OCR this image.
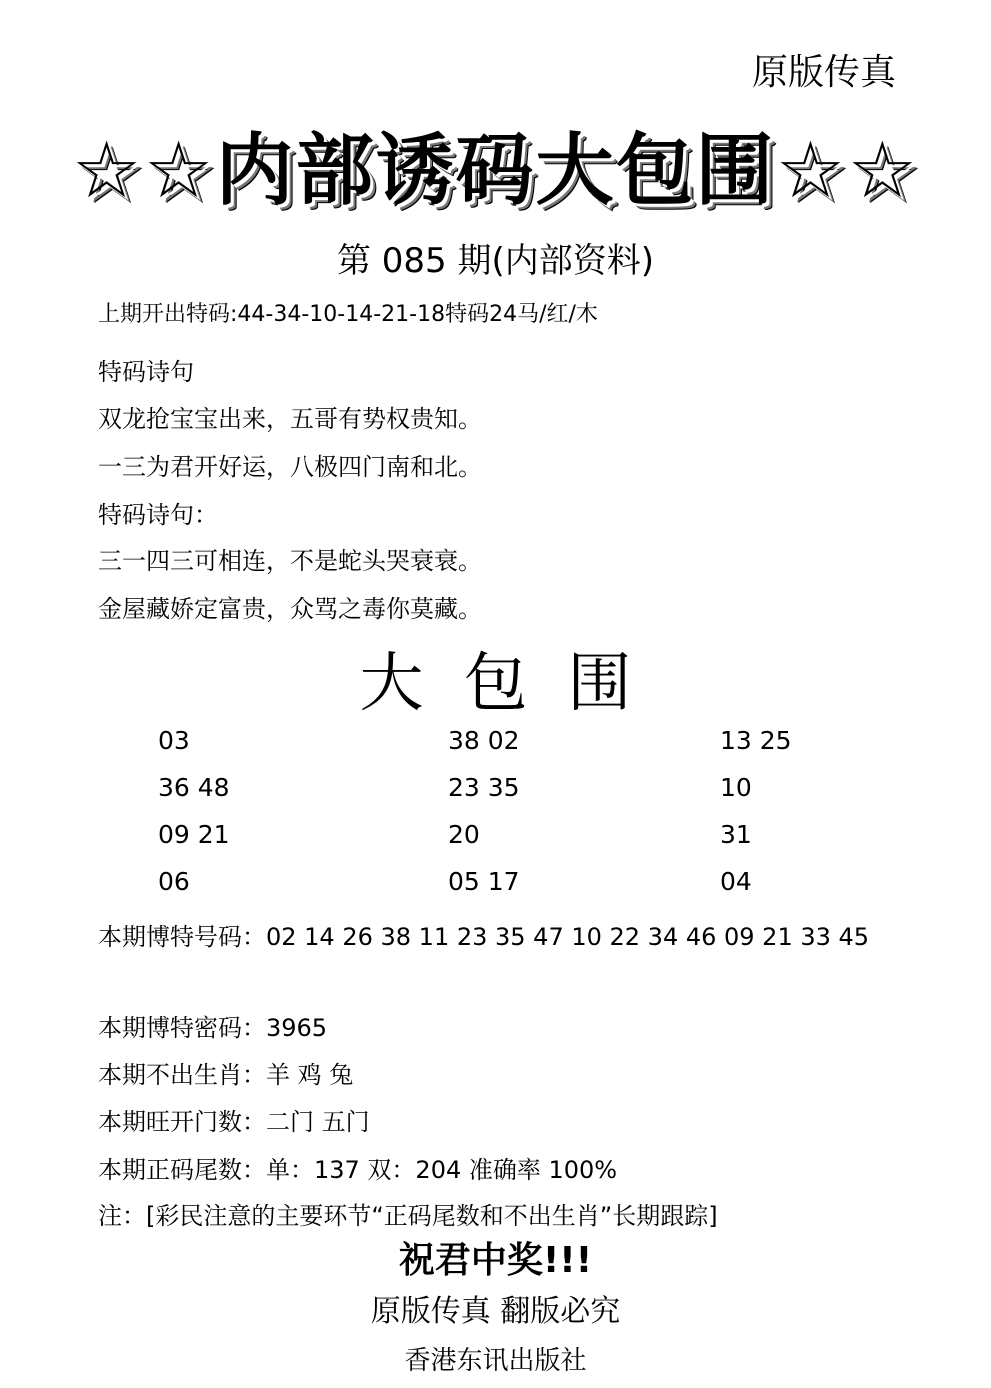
原版传真
☆☆内部诱码大包围☆☆
第 085 期(内部资料)
上期开出特码:44-34-10-14-21-18特码24马/红/木
特码诗句
双龙抢宝宝出来，五哥有势权贵知。
一三为君开好运，八极四门南和北。
特码诗句：
三一四三可相连，不是蛇头哭衰衰。
金屋藏娇定富贵，众骂之毒你莫藏。
大包围
03	38 02	13 25
36 48	23 35	10
09 21	20	31
06	05 17	04
本期博特号码：02 14 26 38 11 23 35 47 10 22 34 46 09 21 33 45
本期博特密码：3965
本期不出生肖：羊 鸡 兔
本期旺开门数：二门 五门
本期正码尾数：单：137 双：204 准确率 100%
注：[彩民注意的主要环节“正码尾数和不出生肖”长期跟踪]
祝君中奖!!!
原版传真 翻版必究
香港东讯出版社
